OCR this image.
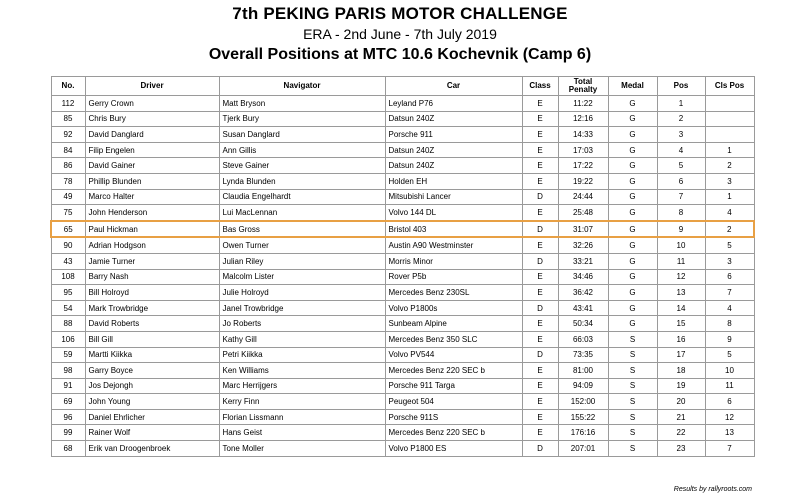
7th PEKING PARIS MOTOR CHALLENGE
ERA - 2nd June - 7th July 2019
Overall Positions at MTC 10.6 Kochevnik (Camp 6)
No.	Driver	Navigator	Car	Class	Total Penalty	Medal	Pos	Cls Pos
112	Gerry Crown	Matt Bryson	Leyland P76	E	11:22	G	1	
85	Chris Bury	Tjerk Bury	Datsun 240Z	E	12:16	G	2	
92	David Danglard	Susan Danglard	Porsche 911	E	14:33	G	3	
84	Filip Engelen	Ann Gillis	Datsun 240Z	E	17:03	G	4	1
86	David Gainer	Steve Gainer	Datsun 240Z	E	17:22	G	5	2
78	Phillip Blunden	Lynda Blunden	Holden EH	E	19:22	G	6	3
49	Marco Halter	Claudia Engelhardt	Mitsubishi Lancer	D	24:44	G	7	1
75	John Henderson	Lui MacLennan	Volvo 144 DL	E	25:48	G	8	4
65	Paul Hickman	Bas Gross	Bristol 403	D	31:07	G	9	2
90	Adrian Hodgson	Owen Turner	Austin A90 Westminster	E	32:26	G	10	5
43	Jamie Turner	Julian Riley	Morris Minor	D	33:21	G	11	3
108	Barry Nash	Malcolm Lister	Rover P5b	E	34:46	G	12	6
95	Bill Holroyd	Julie Holroyd	Mercedes Benz 230SL	E	36:42	G	13	7
54	Mark Trowbridge	Janel Trowbridge	Volvo P1800s	D	43:41	G	14	4
88	David Roberts	Jo Roberts	Sunbeam Alpine	E	50:34	G	15	8
106	Bill Gill	Kathy Gill	Mercedes Benz 350 SLC	E	66:03	S	16	9
59	Martti Kiikka	Petri Kiikka	Volvo PV544	D	73:35	S	17	5
98	Garry Boyce	Ken Williams	Mercedes Benz 220 SEC b	E	81:00	S	18	10
91	Jos Dejongh	Marc Herrijgers	Porsche 911 Targa	E	94:09	S	19	11
69	John Young	Kerry Finn	Peugeot 504	E	152:00	S	20	6
96	Daniel Ehrlicher	Florian Lissmann	Porsche 911S	E	155:22	S	21	12
99	Rainer Wolf	Hans Geist	Mercedes Benz 220 SEC b	E	176:16	S	22	13
68	Erik van Droogenbroek	Tone Moller	Volvo P1800 ES	D	207:01	S	23	7
Results by rallyroots.com
